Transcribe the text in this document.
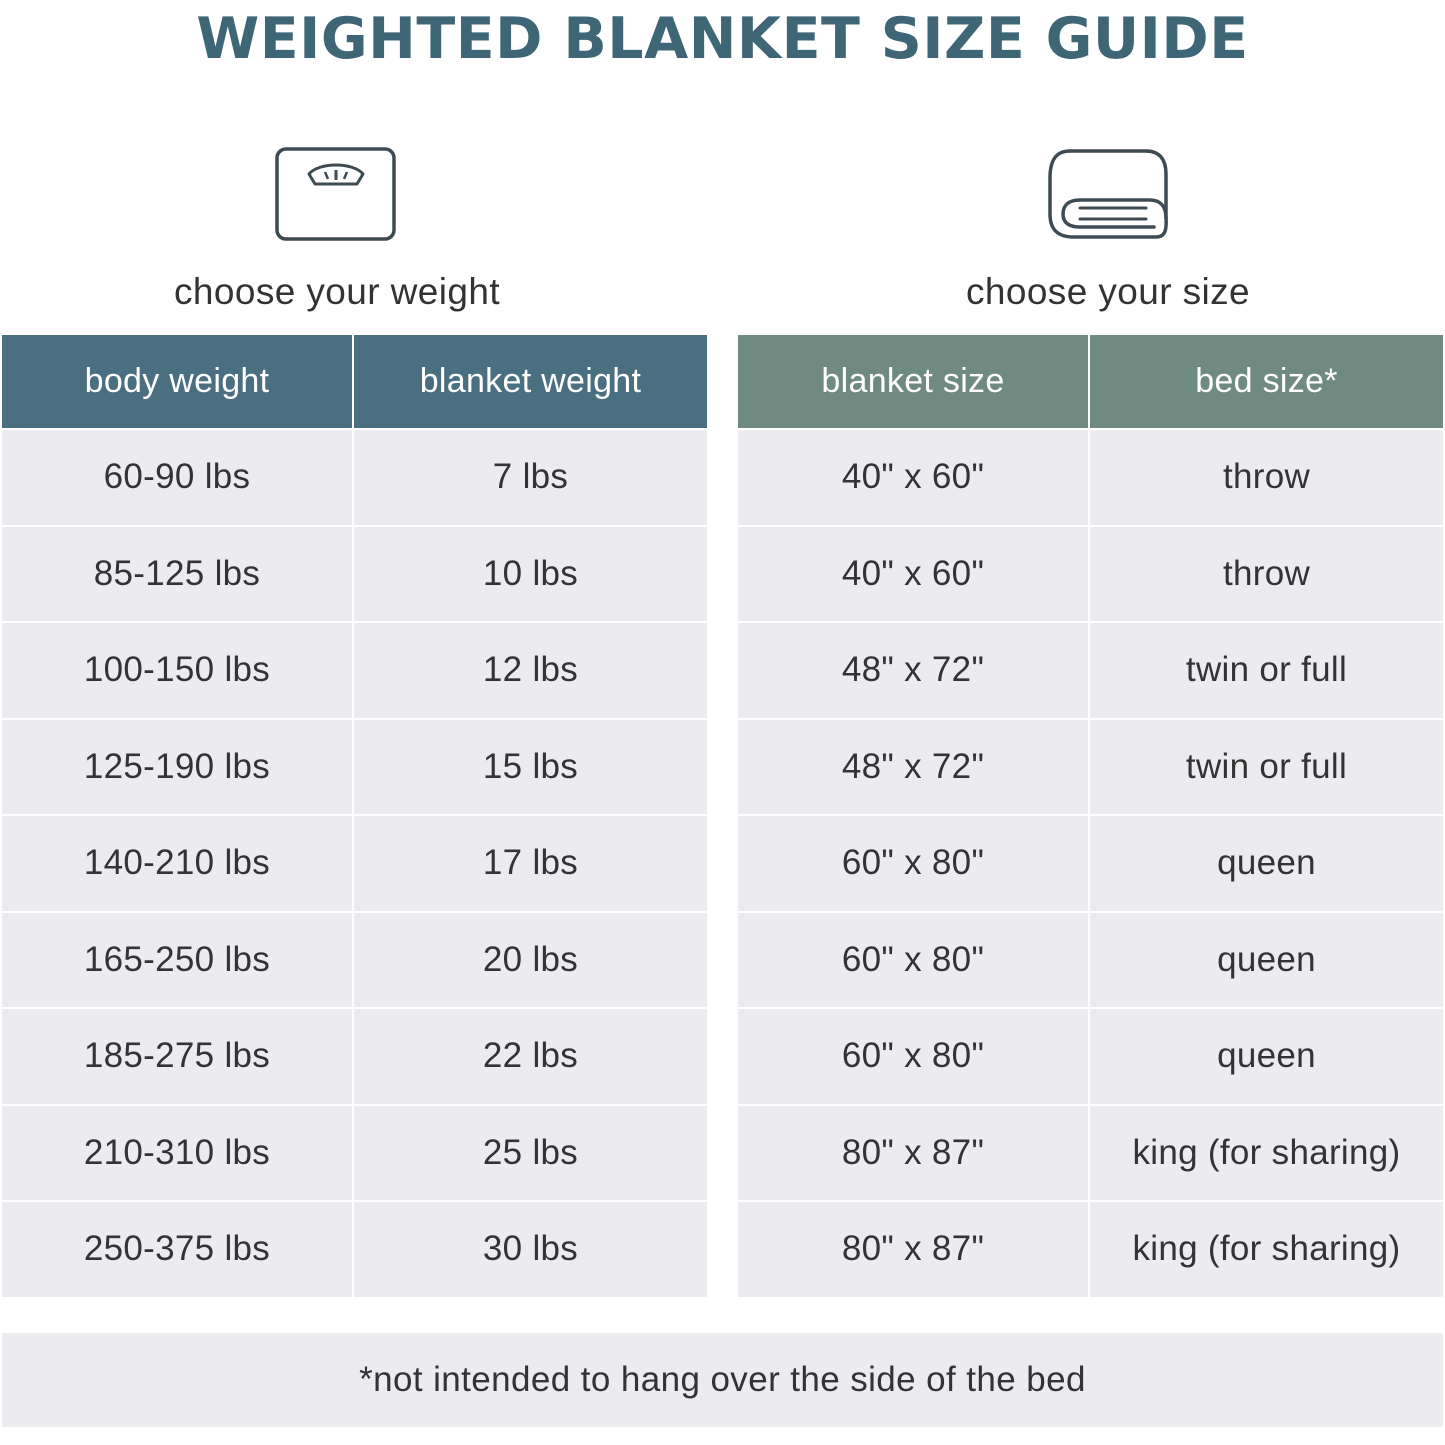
WEIGHTED BLANKET SIZE GUIDE
choose your weight	choose your size
body weight	blanket weight
60-90 lbs	7 lbs
85-125 lbs	10 lbs
100-150 lbs	12 lbs
125-190 lbs	15 lbs
140-210 lbs	17 lbs
165-250 lbs	20 lbs
185-275 lbs	22 lbs
210-310 lbs	25 lbs
250-375 lbs	30 lbs
blanket size	bed size*
40" x 60"	throw
40" x 60"	throw
48" x 72"	twin or full
48" x 72"	twin or full
60" x 80"	queen
60" x 80"	queen
60" x 80"	queen
80" x 87"	king (for sharing)
80" x 87"	king (for sharing)
*not intended to hang over the side of the bed
